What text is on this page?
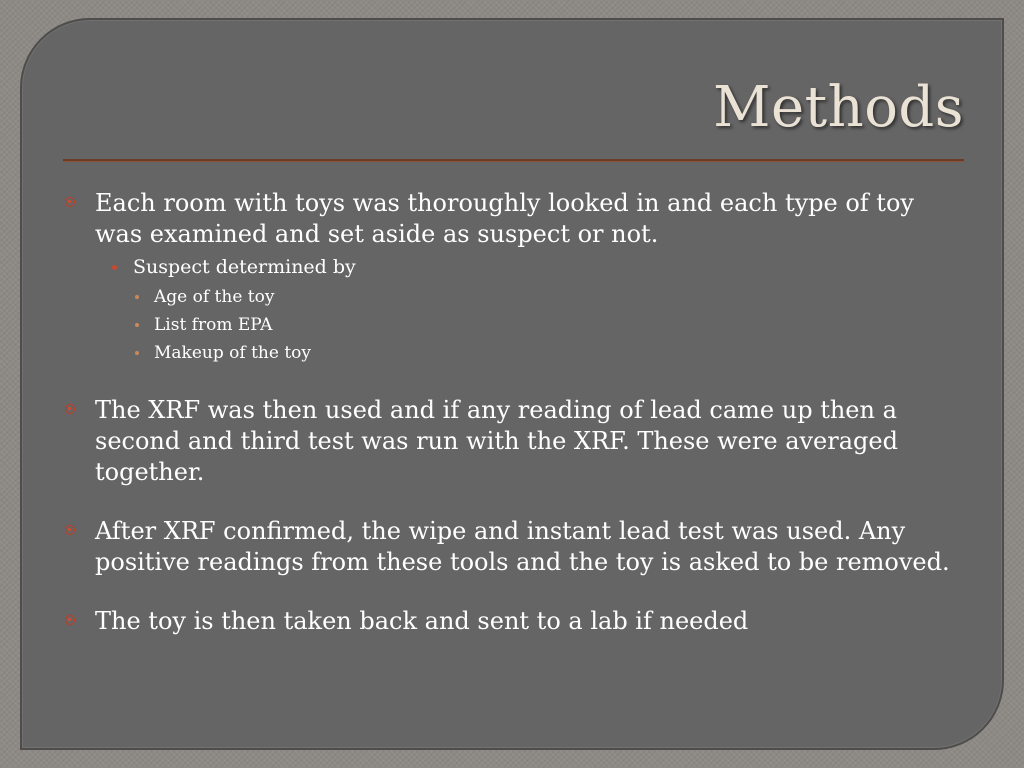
Methods
Each room with toys was thoroughly looked in and each type of toy was examined and set aside as suspect or not.
Suspect determined by
Age of the toy
List from EPA
Makeup of the toy
The XRF was then used and if any reading of lead came up then a second and third test was run with the XRF. These were averaged together.
After XRF confirmed, the wipe and instant lead test was used. Any positive readings from these tools and the toy is asked to be removed.
The toy is then taken back and sent to a lab if needed
